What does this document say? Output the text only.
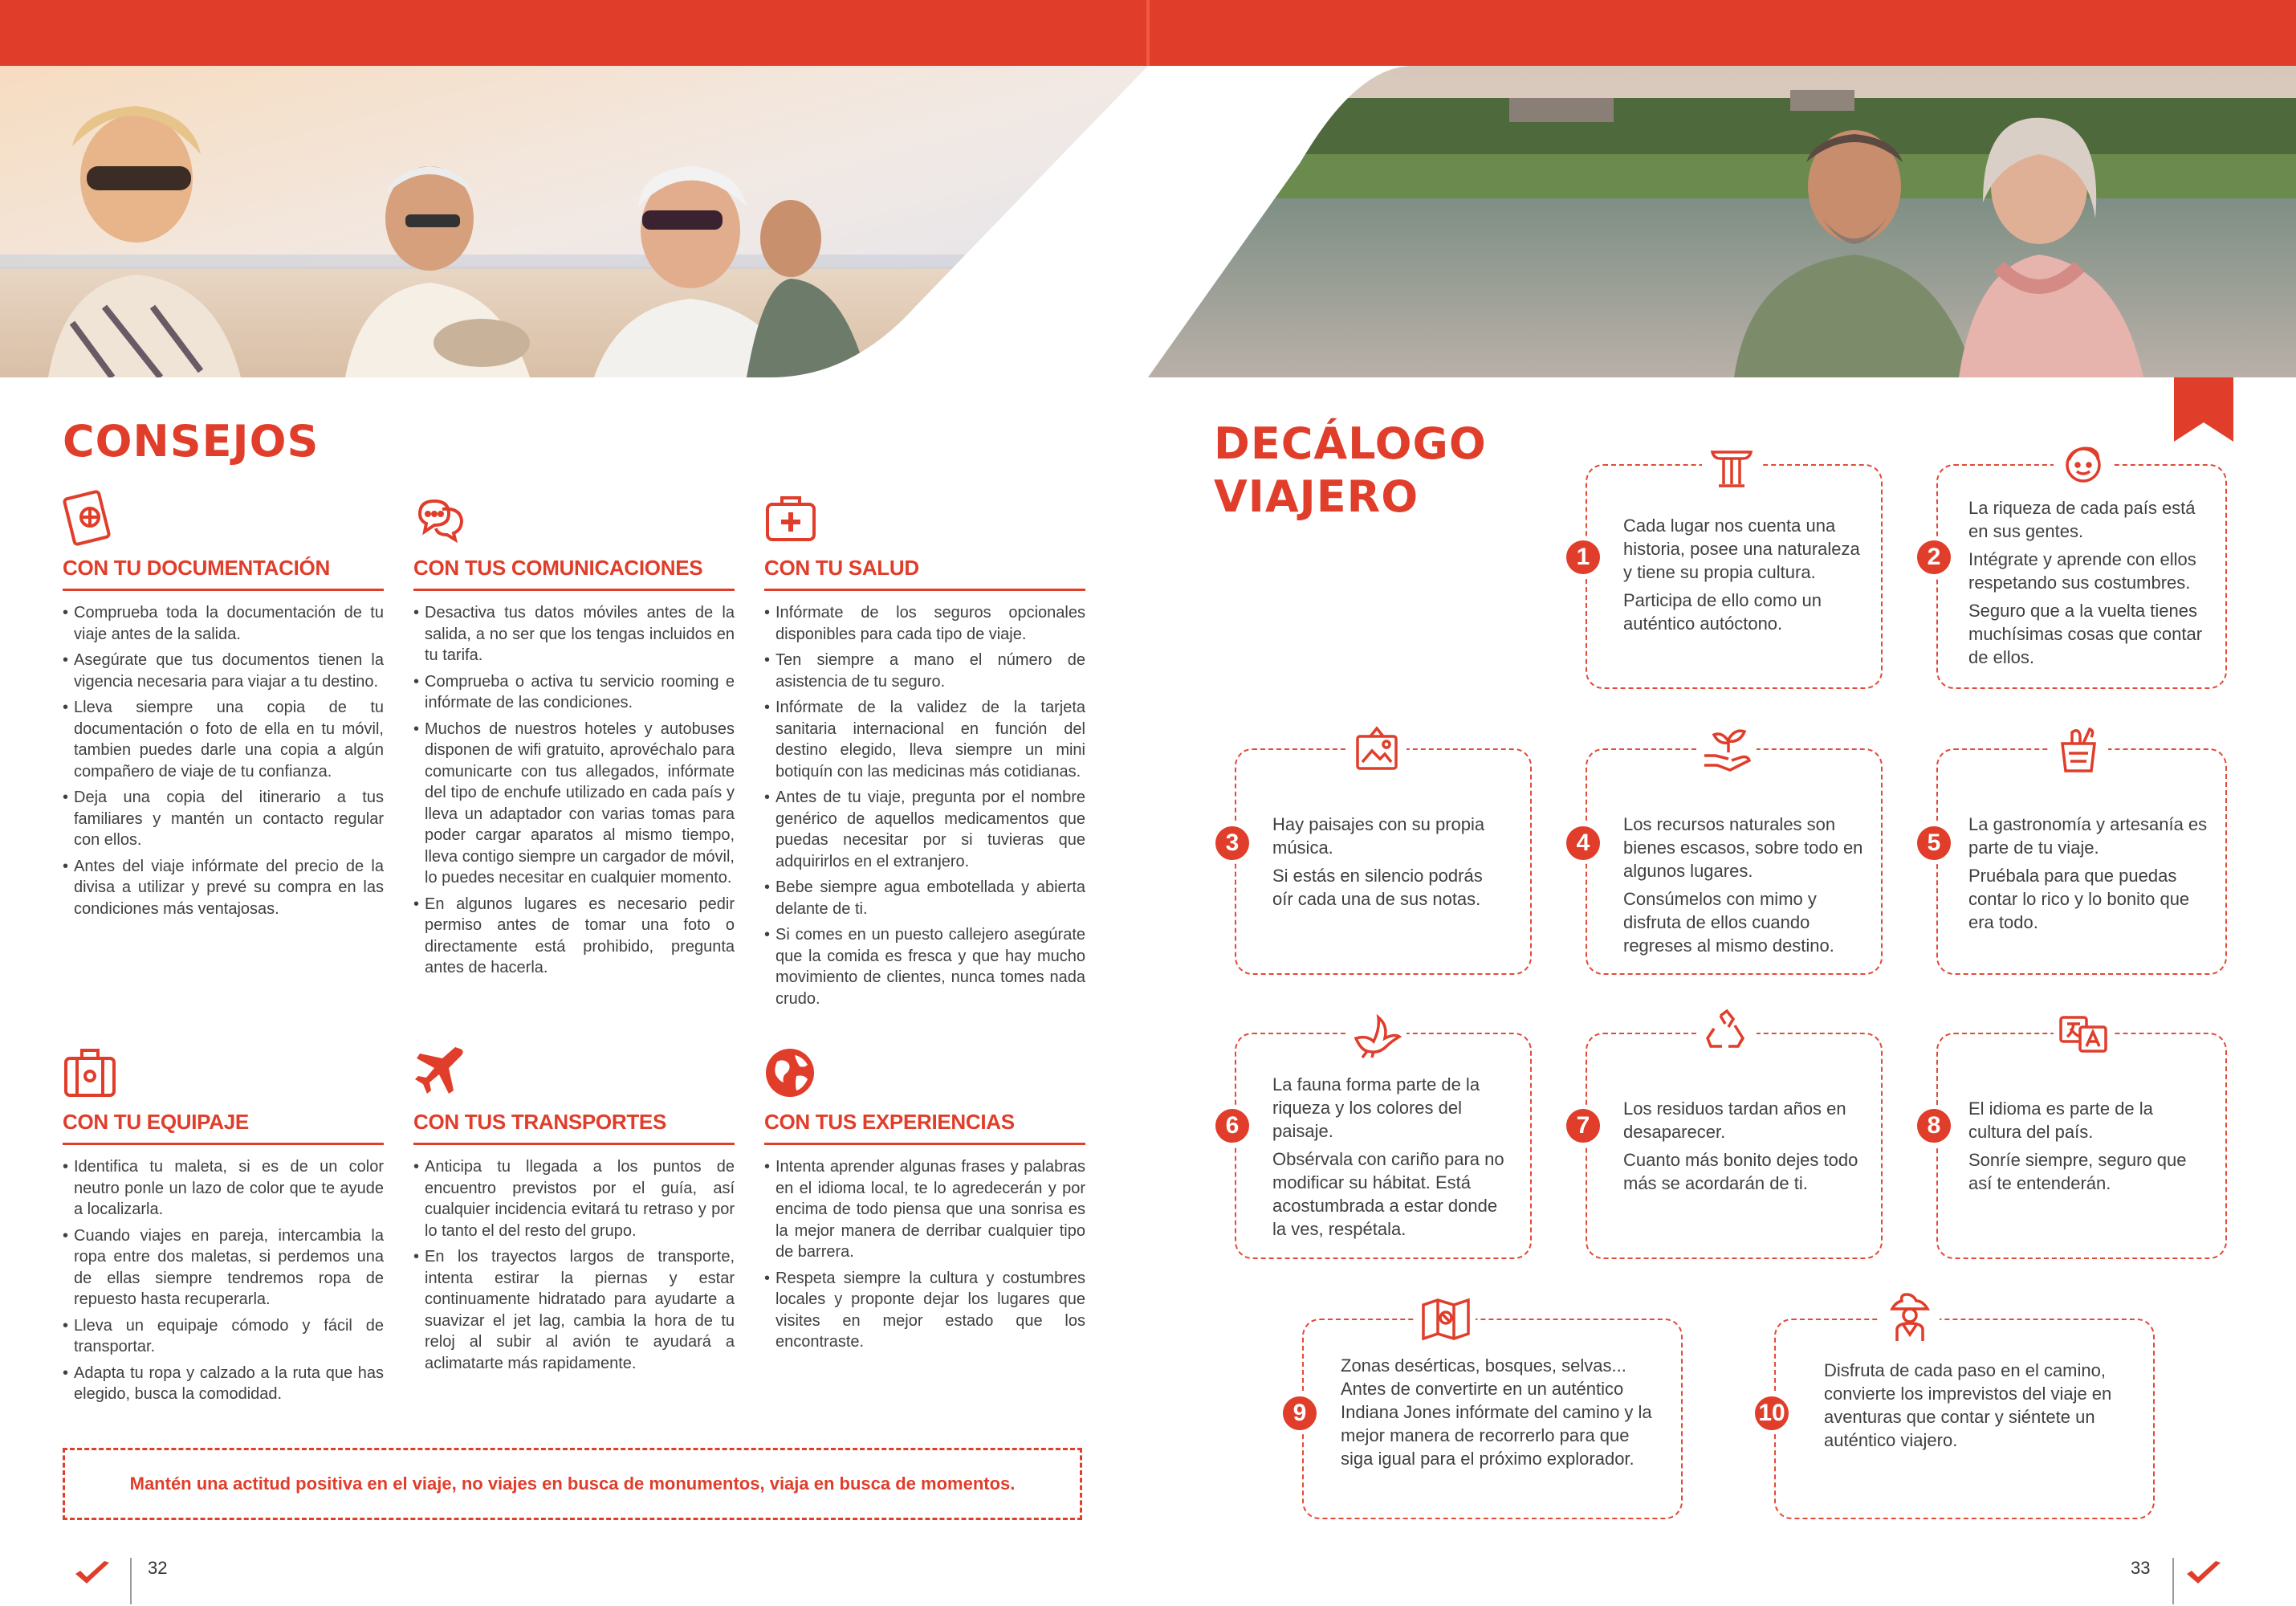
CONSEJOS
CON TU DOCUMENTACIÓN
• Comprueba toda la documentación de tu viaje antes de la salida.
• Asegúrate que tus documentos tienen la vigencia necesaria para viajar a tu destino.
• Lleva siempre una copia de tu documentación o foto de ella en tu móvil, tambien puedes darle una copia a algún compañero de viaje de tu confianza.
• Deja una copia del itinerario a tus familiares y mantén un contacto regular con ellos.
• Antes del viaje infórmate del precio de la divisa a utilizar y prevé su compra en las condiciones más ventajosas.
CON TUS COMUNICACIONES
• Desactiva tus datos móviles antes de la salida, a no ser que los tengas incluidos en tu tarifa.
• Comprueba o activa tu servicio rooming e infórmate de las condiciones.
• Muchos de nuestros hoteles y autobuses disponen de wifi gratuito, aprovéchalo para comunicarte con tus allegados, infórmate del tipo de enchufe utilizado en cada país y lleva un adaptador con varias tomas para poder cargar aparatos al mismo tiempo, lleva contigo siempre un cargador de móvil, lo puedes necesitar en cualquier momento.
• En algunos lugares es necesario pedir permiso antes de tomar una foto o directamente está prohibido, pregunta antes de hacerla.
CON TU SALUD
• Infórmate de los seguros opcionales disponibles para cada tipo de viaje.
• Ten siempre a mano el número de asistencia de tu seguro.
• Infórmate de la validez de la tarjeta sanitaria internacional en función del destino elegido, lleva siempre un mini botiquín con las medicinas más cotidianas.
• Antes de tu viaje, pregunta por el nombre genérico de aquellos medicamentos que puedas necesitar por si tuvieras que adquirirlos en el extranjero.
• Bebe siempre agua embotellada y abierta delante de ti.
• Si comes en un puesto callejero asegúrate que la comida es fresca y que hay mucho movimiento de clientes, nunca tomes nada crudo.
CON TU EQUIPAJE
• Identifica tu maleta, si es de un color neutro ponle un lazo de color que te ayude a localizarla.
• Cuando viajes en pareja, intercambia la ropa entre dos maletas, si perdemos una de ellas siempre tendremos ropa de repuesto hasta recuperarla.
• Lleva un equipaje cómodo y fácil de transportar.
• Adapta tu ropa y calzado a la ruta que has elegido, busca la comodidad.
CON TUS TRANSPORTES
• Anticipa tu llegada a los puntos de encuentro previstos por el guía, así cualquier incidencia evitará tu retraso y por lo tanto el del resto del grupo.
• En los trayectos largos de transporte, intenta estirar la piernas y estar continuamente hidratado para ayudarte a suavizar el jet lag, cambia la hora de tu reloj al subir al avión te ayudará a aclimatarte más rapidamente.
CON TUS EXPERIENCIAS
• Intenta aprender algunas frases y palabras en el idioma local, te lo agredecerán y por encima de todo piensa que una sonrisa es la mejor manera de derribar cualquier tipo de barrera.
• Respeta siempre la cultura y costumbres locales y proponte dejar los lugares que visites en mejor estado que los encontraste.
Mantén una actitud positiva en el viaje, no viajes en busca de monumentos, viaja en busca de momentos.
32
DECÁLOGO
VIAJERO
1

Cada lugar nos cuenta una historia, posee una naturaleza y tiene su propia cultura.

Participa de ello como un auténtico autóctono.

2

La riqueza de cada país está en sus gentes.

Intégrate y aprende con ellos respetando sus costumbres.

Seguro que a la vuelta tienes muchísimas cosas que contar de ellos.

3

Hay paisajes con su propia música.

Si estás en silencio podrás oír cada una de sus notas.

4

Los recursos naturales son bienes escasos, sobre todo en algunos lugares.

Consúmelos con mimo y disfruta de ellos cuando regreses al mismo destino.

5

La gastronomía y artesanía es parte de tu viaje.

Pruébala para que puedas contar lo rico y lo bonito que era todo.

6

La fauna forma parte de la riqueza y los colores del paisaje.

Obsérvala con cariño para no modificar su hábitat. Está acostumbrada a estar donde la ves, respétala.

7

Los residuos tardan años en desaparecer.

Cuanto más bonito dejes todo más se acordarán de ti.

8

El idioma es parte de la cultura del país.

Sonríe siempre, seguro que así te entenderán.

9

Zonas desérticas, bosques, selvas... Antes de convertirte en un auténtico Indiana Jones infórmate del camino y la mejor manera de recorrerlo para que siga igual para el próximo explorador.

10

Disfruta de cada paso en el camino, convierte los imprevistos del viaje en aventuras que contar y siéntete un auténtico viajero.

33
